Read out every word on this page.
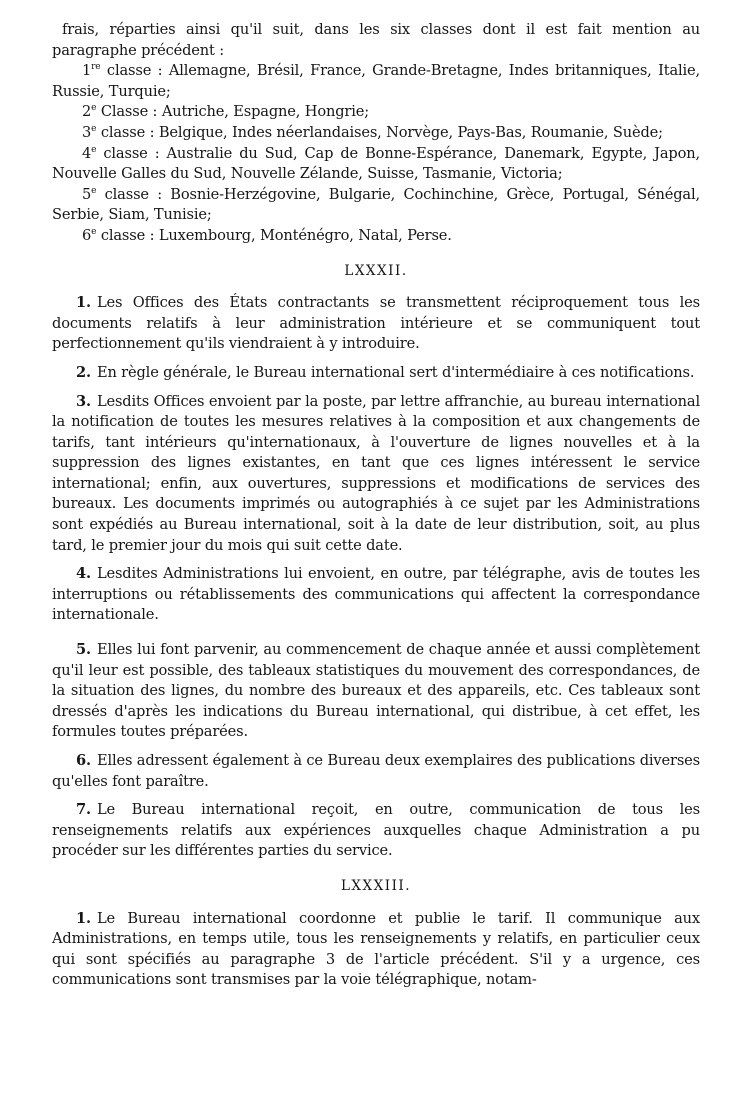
frais, réparties ainsi qu'il suit, dans les six classes dont il est fait mention au paragraphe précédent :

1re classe : Allemagne, Brésil, France, Grande-Bretagne, Indes britanniques, Italie, Russie, Turquie;

2e Classe : Autriche, Espagne, Hongrie;

3e classe : Belgique, Indes néerlandaises, Norvège, Pays-Bas, Roumanie, Suède;

4e classe : Australie du Sud, Cap de Bonne-Espérance, Danemark, Egypte, Japon, Nouvelle Galles du Sud, Nouvelle Zélande, Suisse, Tasmanie, Victoria;

5e classe : Bosnie-Herzégovine, Bulgarie, Cochinchine, Grèce, Portugal, Sénégal, Serbie, Siam, Tunisie;

6e classe : Luxembourg, Monténégro, Natal, Perse.

LXXXII.

1. Les Offices des États contractants se transmettent réciproquement tous les documents relatifs à leur administration intérieure et se communiquent tout perfectionnement qu'ils viendraient à y introduire.

2. En règle générale, le Bureau international sert d'intermédiaire à ces notifications.

3. Lesdits Offices envoient par la poste, par lettre affranchie, au bureau international la notification de toutes les mesures relatives à la composition et aux changements de tarifs, tant intérieurs qu'internationaux, à l'ouverture de lignes nouvelles et à la suppression des lignes existantes, en tant que ces lignes intéressent le service international; enfin, aux ouvertures, suppressions et modifications de services des bureaux. Les documents imprimés ou autographiés à ce sujet par les Administrations sont expédiés au Bureau international, soit à la date de leur distribution, soit, au plus tard, le premier jour du mois qui suit cette date.

4. Lesdites Administrations lui envoient, en outre, par télégraphe, avis de toutes les interruptions ou rétablissements des communications qui affectent la correspondance internationale.

5. Elles lui font parvenir, au commencement de chaque année et aussi complètement qu'il leur est possible, des tableaux statistiques du mouvement des correspondances, de la situation des lignes, du nombre des bureaux et des appareils, etc. Ces tableaux sont dressés d'après les indications du Bureau international, qui distribue, à cet effet, les formules toutes préparées.

6. Elles adressent également à ce Bureau deux exemplaires des publications diverses qu'elles font paraître.

7. Le Bureau international reçoit, en outre, communication de tous les renseignements relatifs aux expériences auxquelles chaque Administration a pu procéder sur les différentes parties du service.

LXXXIII.

1. Le Bureau international coordonne et publie le tarif. Il communique aux Administrations, en temps utile, tous les renseignements y relatifs, en particulier ceux qui sont spécifiés au paragraphe 3 de l'article précédent. S'il y a urgence, ces communications sont transmises par la voie télégraphique, notam-
